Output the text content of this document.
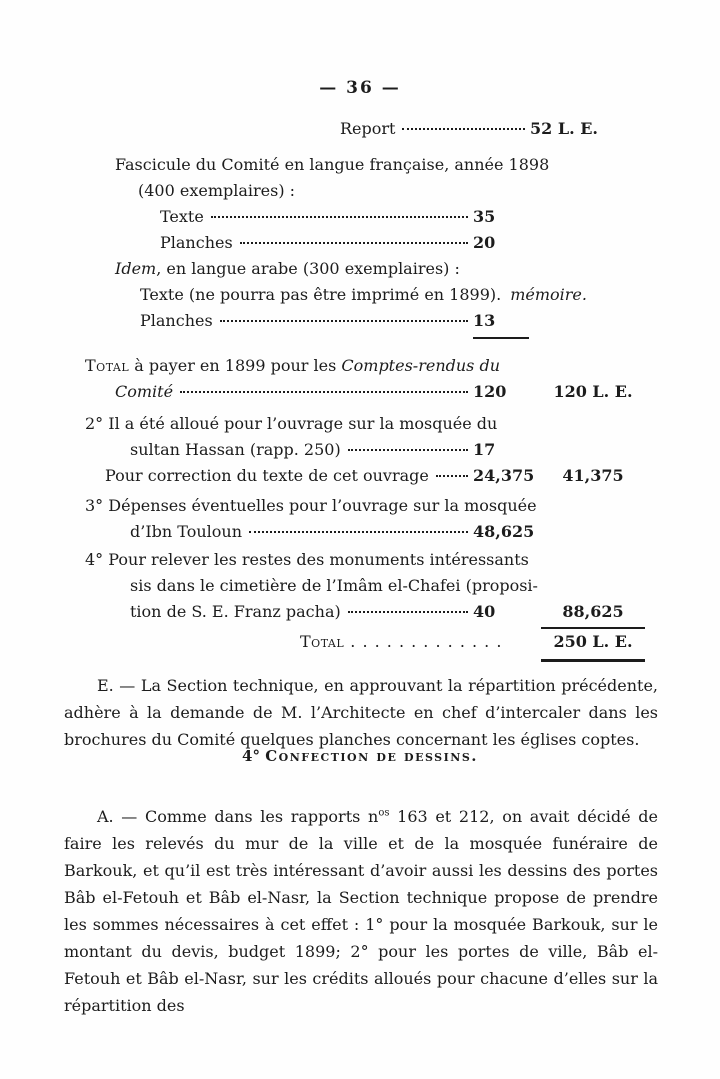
— 36 —
Report	52 L. E.
Fascicule du Comité en langue française, année 1898
(400 exemplaires) :
Texte	35
Planches	20
Idem, en langue arabe (300 exemplaires) :
Texte (ne pourra pas être imprimé en 1899). mémoire.
Planches	13
Total à payer en 1899 pour les Comptes-rendus du
Comité	120	120 L. E.
2° Il a été alloué pour l’ouvrage sur la mosquée du
sultan Hassan (rapp. 250)	17
Pour correction du texte de cet ouvrage	24,375	41,375
3° Dépenses éventuelles pour l’ouvrage sur la mosquée
d’Ibn Touloun	48,625
4° Pour relever les restes des monuments intéressants
sis dans le cimetière de l’Imâm el-Chafei (proposi-
tion de S. E. Franz pacha)	40	88,625
Total . . . . . . . . . . . . .	250 L. E.

E. — La Section technique, en approuvant la répartition précédente, adhère à la demande de M. l’Architecte en chef d’intercaler dans les brochures du Comité quelques planches concernant les églises coptes.

4° Confection de dessins.

A. — Comme dans les rapports $n^{os}$ 163 et 212, on avait décidé de faire les relevés du mur de la ville et de la mosquée funéraire de Barkouk, et qu’il est très intéressant d’avoir aussi les dessins des portes Bâb el-Fetouh et Bâb el-Nasr, la Section technique propose de prendre les sommes nécessaires à cet effet : 1° pour la mosquée Barkouk, sur le montant du devis, budget 1899; 2° pour les portes de ville, Bâb el-Fetouh et Bâb el-Nasr, sur les crédits alloués pour chacune d’elles sur la répartition des
